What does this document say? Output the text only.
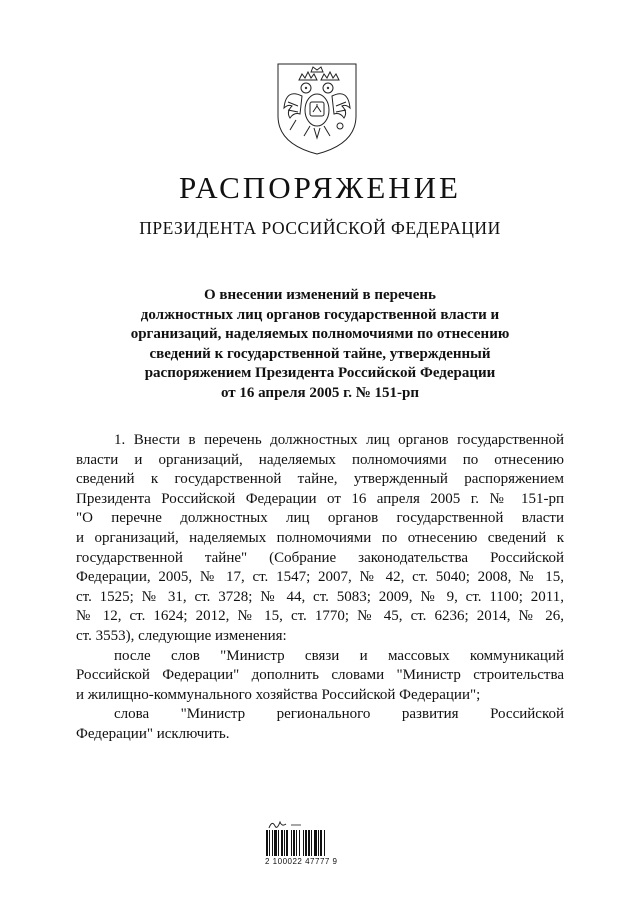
РАСПОРЯЖЕНИЕ
ПРЕЗИДЕНТА РОССИЙСКОЙ ФЕДЕРАЦИИ
О внесении изменений в перечень
должностных лиц органов государственной власти и
организаций, наделяемых полномочиями по отнесению
сведений к государственной тайне, утвержденный
распоряжением Президента Российской Федерации
от 16 апреля 2005 г. № 151-рп
1. Внести в перечень должностных лиц органов государственной
власти и организаций, наделяемых полномочиями по отнесению
сведений к государственной тайне, утвержденный распоряжением
Президента Российской Федерации от 16 апреля 2005 г. № 151-рп
"О перечне должностных лиц органов государственной власти
и организаций, наделяемых полномочиями по отнесению сведений к
государственной тайне" (Собрание законодательства Российской
Федерации, 2005, № 17, ст. 1547; 2007, № 42, ст. 5040; 2008, № 15,
ст. 1525; № 31, ст. 3728; № 44, ст. 5083; 2009, № 9, ст. 1100; 2011,
№ 12, ст. 1624; 2012, № 15, ст. 1770; № 45, ст. 6236; 2014, № 26,
ст. 3553), следующие изменения:
после слов "Министр связи и массовых коммуникаций
Российской Федерации" дополнить словами "Министр строительства
и жилищно-коммунального хозяйства Российской Федерации";
слова "Министр регионального развития Российской
Федерации" исключить.
2 100022 47777 9
